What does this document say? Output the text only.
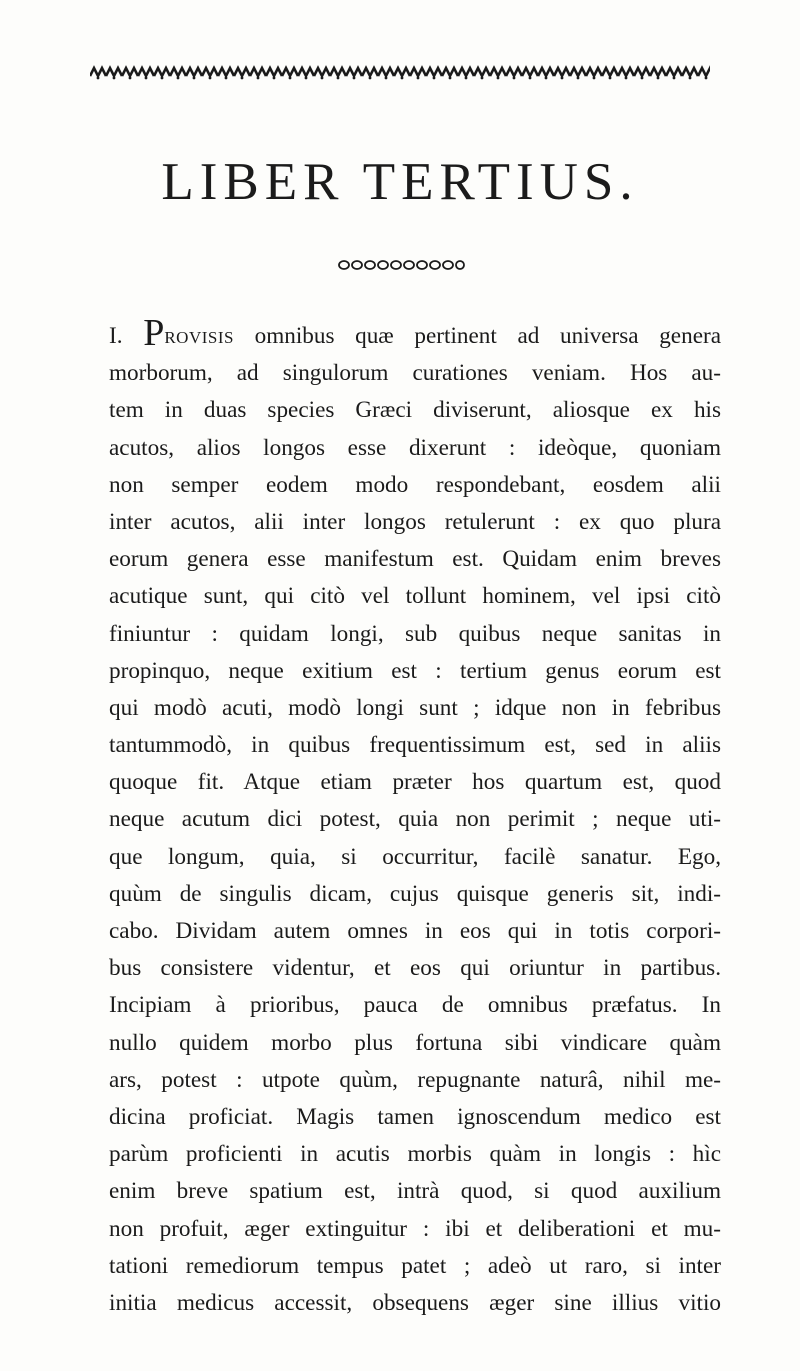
LIBER TERTIUS.
I. PROVISIS omnibus quæ pertinent ad universa genera
morborum, ad singulorum curationes veniam. Hos au-
tem in duas species Græci diviserunt, aliosque ex his
acutos, alios longos esse dixerunt : ideòque, quoniam
non semper eodem modo respondebant, eosdem alii
inter acutos, alii inter longos retulerunt : ex quo plura
eorum genera esse manifestum est. Quidam enim breves
acutique sunt, qui citò vel tollunt hominem, vel ipsi citò
finiuntur : quidam longi, sub quibus neque sanitas in
propinquo, neque exitium est : tertium genus eorum est
qui modò acuti, modò longi sunt ; idque non in febribus
tantummodò, in quibus frequentissimum est, sed in aliis
quoque fit. Atque etiam præter hos quartum est, quod
neque acutum dici potest, quia non perimit ; neque uti-
que longum, quia, si occurritur, facilè sanatur. Ego,
quùm de singulis dicam, cujus quisque generis sit, indi-
cabo. Dividam autem omnes in eos qui in totis corpori-
bus consistere videntur, et eos qui oriuntur in partibus.
Incipiam à prioribus, pauca de omnibus præfatus. In
nullo quidem morbo plus fortuna sibi vindicare quàm
ars, potest : utpote quùm, repugnante naturâ, nihil me-
dicina proficiat. Magis tamen ignoscendum medico est
parùm proficienti in acutis morbis quàm in longis : hìc
enim breve spatium est, intrà quod, si quod auxilium
non profuit, æger extinguitur : ibi et deliberationi et mu-
tationi remediorum tempus patet ; adeò ut raro, si inter
initia medicus accessit, obsequens æger sine illius vitio
